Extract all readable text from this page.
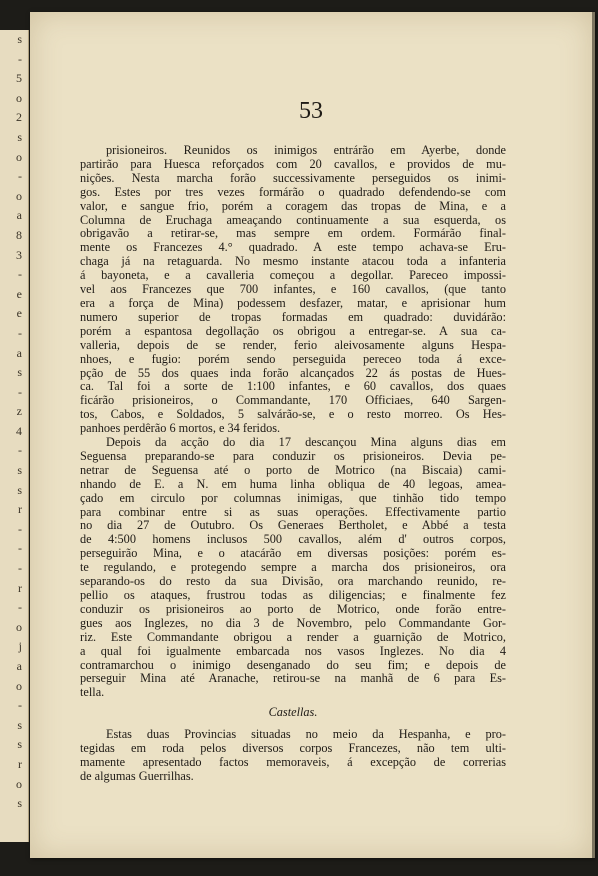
s
-
5
o
2
s
o
-
o
a
8
3
-
e
e
-
a
s
-
z
4
-
s
s
r
-
-
-
r
-
o
j
a
o
-
s
s
r
o
s
53
prisioneiros. Reunidos os inimigos entrárão em Ayerbe, donde
partirão para Huesca reforçados com 20 cavallos, e providos de mu-
nições. Nesta marcha forão successivamente perseguidos os inimi-
gos. Estes por tres vezes formárão o quadrado defendendo-se com
valor, e sangue frio, porém a coragem das tropas de Mina, e a
Columna de Eruchaga ameaçando continuamente a sua esquerda, os
obrigavão a retirar-se, mas sempre em ordem. Formárão final-
mente os Francezes 4.° quadrado. A este tempo achava-se Eru-
chaga já na retaguarda. No mesmo instante atacou toda a infanteria
á bayoneta, e a cavalleria começou a degollar. Pareceo impossi-
vel aos Francezes que 700 infantes, e 160 cavallos, (que tanto
era a força de Mina) podessem desfazer, matar, e aprisionar hum
numero superior de tropas formadas em quadrado: duvidárão:
porém a espantosa degollação os obrigou a entregar-se. A sua ca-
valleria, depois de se render, ferio aleivosamente alguns Hespa-
nhoes, e fugio: porém sendo perseguida pereceo toda á exce-
pção de 55 dos quaes inda forão alcançados 22 ás postas de Hues-
ca. Tal foi a sorte de 1:100 infantes, e 60 cavallos, dos quaes
ficárão prisioneiros, o Commandante, 170 Officiaes, 640 Sargen-
tos, Cabos, e Soldados, 5 salvárão-se, e o resto morreo. Os Hes-
panhoes perdêrão 6 mortos, e 34 feridos.
Depois da acção do dia 17 descançou Mina alguns dias em
Seguensa preparando-se para conduzir os prisioneiros. Devia pe-
netrar de Seguensa até o porto de Motrico (na Biscaia) cami-
nhando de E. a N. em huma linha obliqua de 40 legoas, amea-
çado em circulo por columnas inimigas, que tinhão tido tempo
para combinar entre si as suas operações. Effectivamente partio
no dia 27 de Outubro. Os Generaes Bertholet, e Abbé a testa
de 4:500 homens inclusos 500 cavallos, além d' outros corpos,
perseguirão Mina, e o atacárão em diversas posições: porém es-
te regulando, e protegendo sempre a marcha dos prisioneiros, ora
separando-os do resto da sua Divisão, ora marchando reunido, re-
pellio os ataques, frustrou todas as diligencias; e finalmente fez
conduzir os prisioneiros ao porto de Motrico, onde forão entre-
gues aos Inglezes, no dia 3 de Novembro, pelo Commandante Gor-
riz. Este Commandante obrigou a render a guarnição de Motrico,
a qual foi igualmente embarcada nos vasos Inglezes. No dia 4
contramarchou o inimigo desenganado do seu fim; e depois de
perseguir Mina até Aranache, retirou-se na manhã de 6 para Es-
tella.
Castellas.
Estas duas Provincias situadas no meio da Hespanha, e pro-
tegidas em roda pelos diversos corpos Francezes, não tem ulti-
mamente apresentado factos memoraveis, á excepção de correrias
de algumas Guerrilhas.
